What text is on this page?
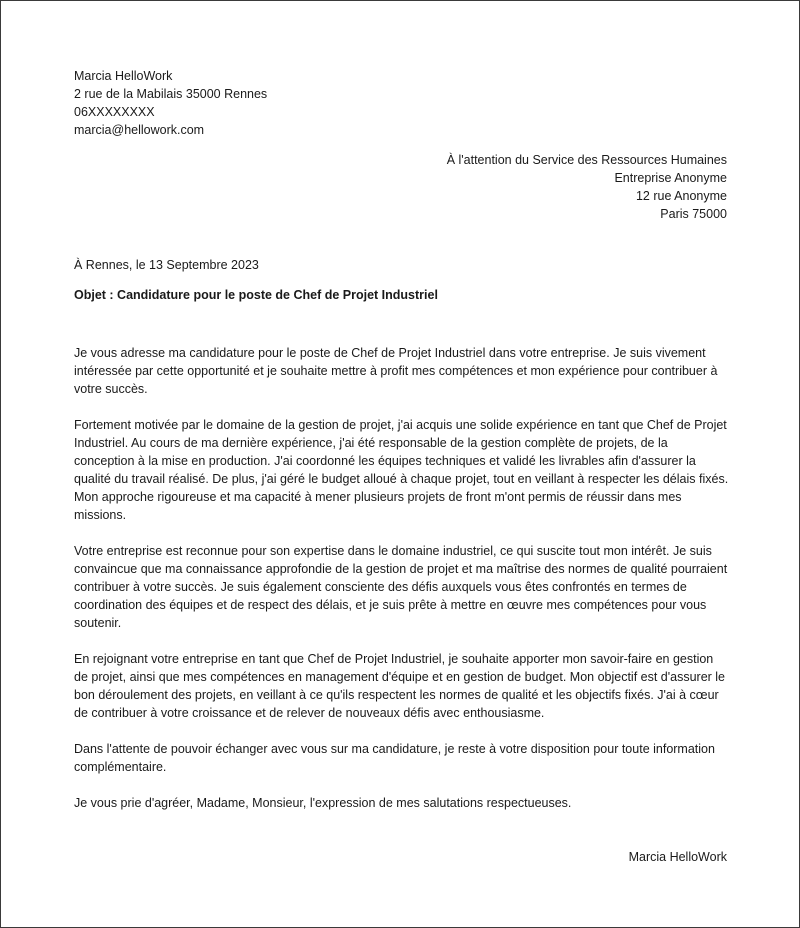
Marcia HelloWork
2 rue de la Mabilais 35000 Rennes
06XXXXXXXX
marcia@hellowork.com
À l'attention du Service des Ressources Humaines
Entreprise Anonyme
12 rue Anonyme
Paris 75000
À Rennes, le 13 Septembre 2023
Objet : Candidature pour le poste de Chef de Projet Industriel

Je vous adresse ma candidature pour le poste de Chef de Projet Industriel dans votre entreprise. Je suis vivement intéressée par cette opportunité et je souhaite mettre à profit mes compétences et mon expérience pour contribuer à votre succès.

Fortement motivée par le domaine de la gestion de projet, j'ai acquis une solide expérience en tant que Chef de Projet Industriel. Au cours de ma dernière expérience, j'ai été responsable de la gestion complète de projets, de la conception à la mise en production. J'ai coordonné les équipes techniques et validé les livrables afin d'assurer la qualité du travail réalisé. De plus, j'ai géré le budget alloué à chaque projet, tout en veillant à respecter les délais fixés. Mon approche rigoureuse et ma capacité à mener plusieurs projets de front m'ont permis de réussir dans mes missions.

Votre entreprise est reconnue pour son expertise dans le domaine industriel, ce qui suscite tout mon intérêt. Je suis convaincue que ma connaissance approfondie de la gestion de projet et ma maîtrise des normes de qualité pourraient contribuer à votre succès. Je suis également consciente des défis auxquels vous êtes confrontés en termes de coordination des équipes et de respect des délais, et je suis prête à mettre en œuvre mes compétences pour vous soutenir.

En rejoignant votre entreprise en tant que Chef de Projet Industriel, je souhaite apporter mon savoir-faire en gestion de projet, ainsi que mes compétences en management d'équipe et en gestion de budget. Mon objectif est d'assurer le bon déroulement des projets, en veillant à ce qu'ils respectent les normes de qualité et les objectifs fixés. J'ai à cœur de contribuer à votre croissance et de relever de nouveaux défis avec enthousiasme.

Dans l'attente de pouvoir échanger avec vous sur ma candidature, je reste à votre disposition pour toute information complémentaire.

Je vous prie d'agréer, Madame, Monsieur, l'expression de mes salutations respectueuses.

Marcia HelloWork
